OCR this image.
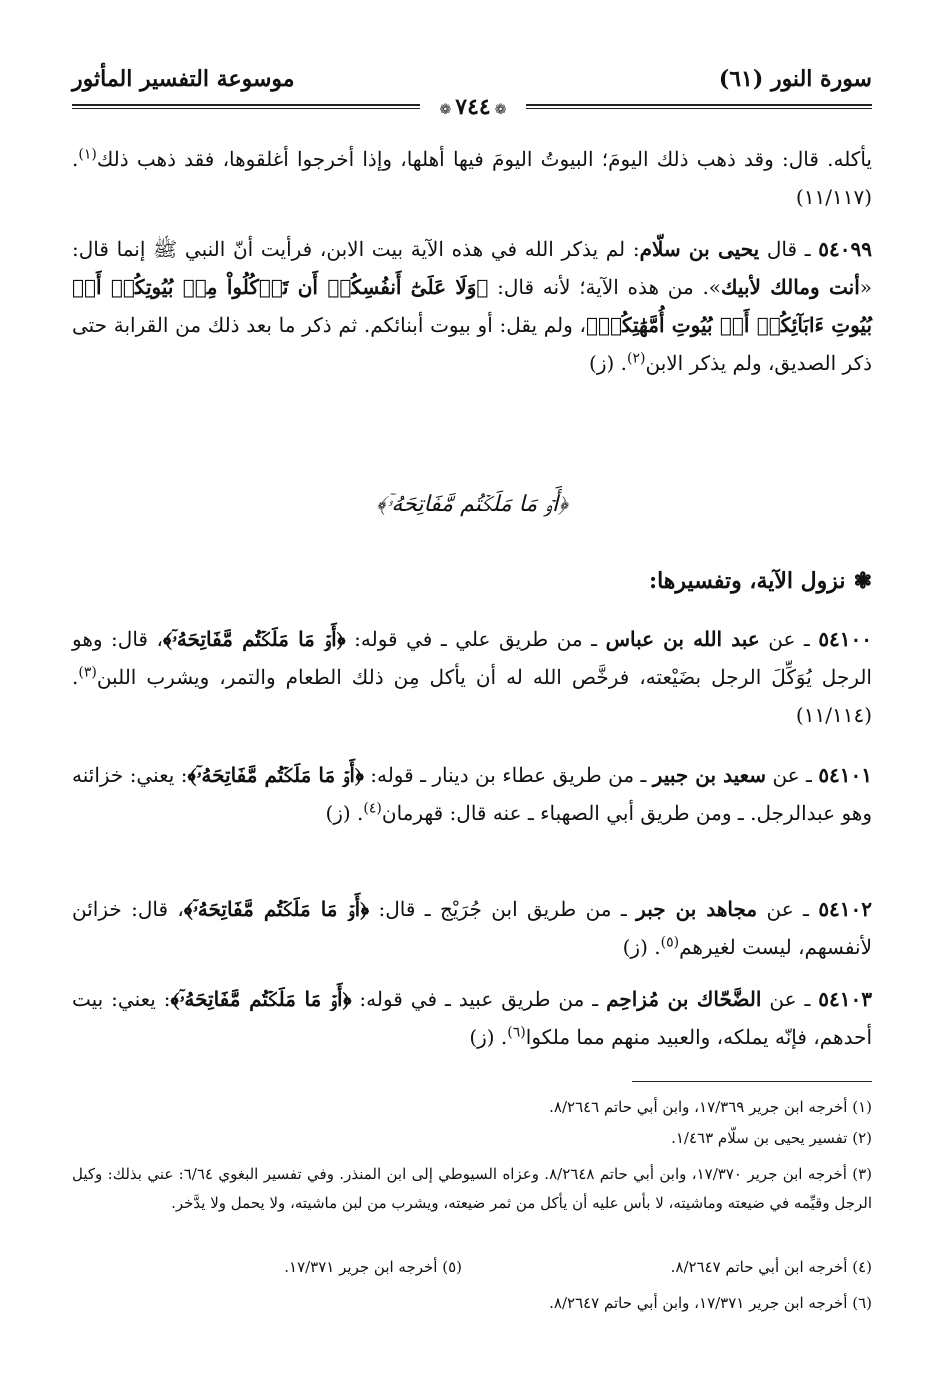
سورة النور (٦١)
موسوعة التفسير المأثور
❁ ٧٤٤ ❁
يأكله. قال: وقد ذهب ذلك اليومَ؛ البيوتُ اليومَ فيها أهلها، وإذا أخرجوا أغلقوها، فقد ذهب ذلك$^{(١)}$. (١١/١١٧)
٥٤٠٩٩ ـ قال يحيى بن سلّام: لم يذكر الله في هذه الآية بيت الابن، فرأيت أنّ النبي ﷺ إنما قال: «أنت ومالك لأبيك». من هذه الآية؛ لأنه قال: ﴿وَلَا عَلَىٰٓ أَنفُسِكُمۡ أَن تَأۡكُلُواْ مِنۢ بُيُوتِكُمۡ أَوۡ بُيُوتِ ءَابَآئِكُمۡ أَوۡ بُيُوتِ أُمَّهَٰتِكُمۡ﴾، ولم يقل: أو بيوت أبنائكم. ثم ذكر ما بعد ذلك من القرابة حتى ذكر الصديق، ولم يذكر الابن$^{(٢)}$. (ز)
﴿أَوۡ مَا مَلَكۡتُم مَّفَاتِحَهُۥٓ﴾
❃نزول الآية، وتفسيرها:
٥٤١٠٠ ـ عن عبد الله بن عباس ـ من طريق علي ـ في قوله: ﴿أَوۡ مَا مَلَكۡتُم مَّفَاتِحَهُۥٓ﴾، قال: وهو الرجل يُوَكِّلَ الرجل بضَيْعته، فرخَّص الله له أن يأكل مِن ذلك الطعام والتمر، ويشرب اللبن$^{(٣)}$. (١١/١١٤)
٥٤١٠١ ـ عن سعيد بن جبير ـ من طريق عطاء بن دينار ـ قوله: ﴿أَوۡ مَا مَلَكۡتُم مَّفَاتِحَهُۥٓ﴾: يعني: خزائنه وهو عبدالرجل. ـ ومن طريق أبي الصهباء ـ عنه قال: قهرمان$^{(٤)}$. (ز)
٥٤١٠٢ ـ عن مجاهد بن جبر ـ من طريق ابن جُرَيْج ـ قال: ﴿أَوۡ مَا مَلَكۡتُم مَّفَاتِحَهُۥٓ﴾، قال: خزائن لأنفسهم، ليست لغيرهم$^{(٥)}$. (ز)
٥٤١٠٣ ـ عن الضَّحّاك بن مُزاحِم ـ من طريق عبيد ـ في قوله: ﴿أَوۡ مَا مَلَكۡتُم مَّفَاتِحَهُۥٓ﴾: يعني: بيت أحدهم، فإنّه يملكه، والعبيد منهم مما ملكوا$^{(٦)}$. (ز)
(١) أخرجه ابن جرير ١٧/٣٦٩، وابن أبي حاتم ٨/٢٦٤٦.
(٢) تفسير يحيى بن سلّام ١/٤٦٣.
(٣) أخرجه ابن جرير ١٧/٣٧٠، وابن أبي حاتم ٨/٢٦٤٨. وعزاه السيوطي إلى ابن المنذر. وفي تفسير البغوي ٦/٦٤: عني بذلك: وكيل الرجل وقيِّمه في ضيعته وماشيته، لا بأس عليه أن يأكل من ثمر ضيعته، ويشرب من لبن ماشيته، ولا يحمل ولا يدَّخر.
(٤) أخرجه ابن أبي حاتم ٨/٢٦٤٧.
(٥) أخرجه ابن جرير ١٧/٣٧١.
(٦) أخرجه ابن جرير ١٧/٣٧١، وابن أبي حاتم ٨/٢٦٤٧.
